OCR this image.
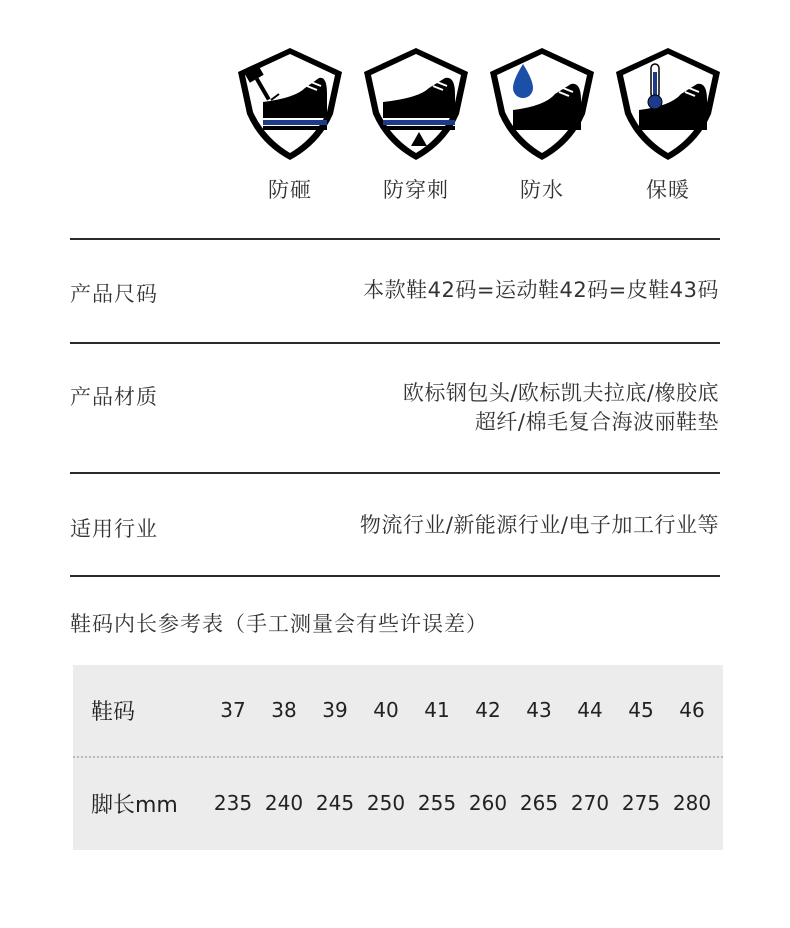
防砸	防穿刺	防水	保暖
产品尺码	本款鞋42码=运动鞋42码=皮鞋43码
产品材质	欧标钢包头/欧标凯夫拉底/橡胶底
超纤/棉毛复合海波丽鞋垫
适用行业	物流行业/新能源行业/电子加工行业等
鞋码内长参考表（手工测量会有些许误差）
鞋码	37	38	39	40	41	42	43	44	45	46
脚长mm 235 240 245 250 255 260 265 270 275 280
